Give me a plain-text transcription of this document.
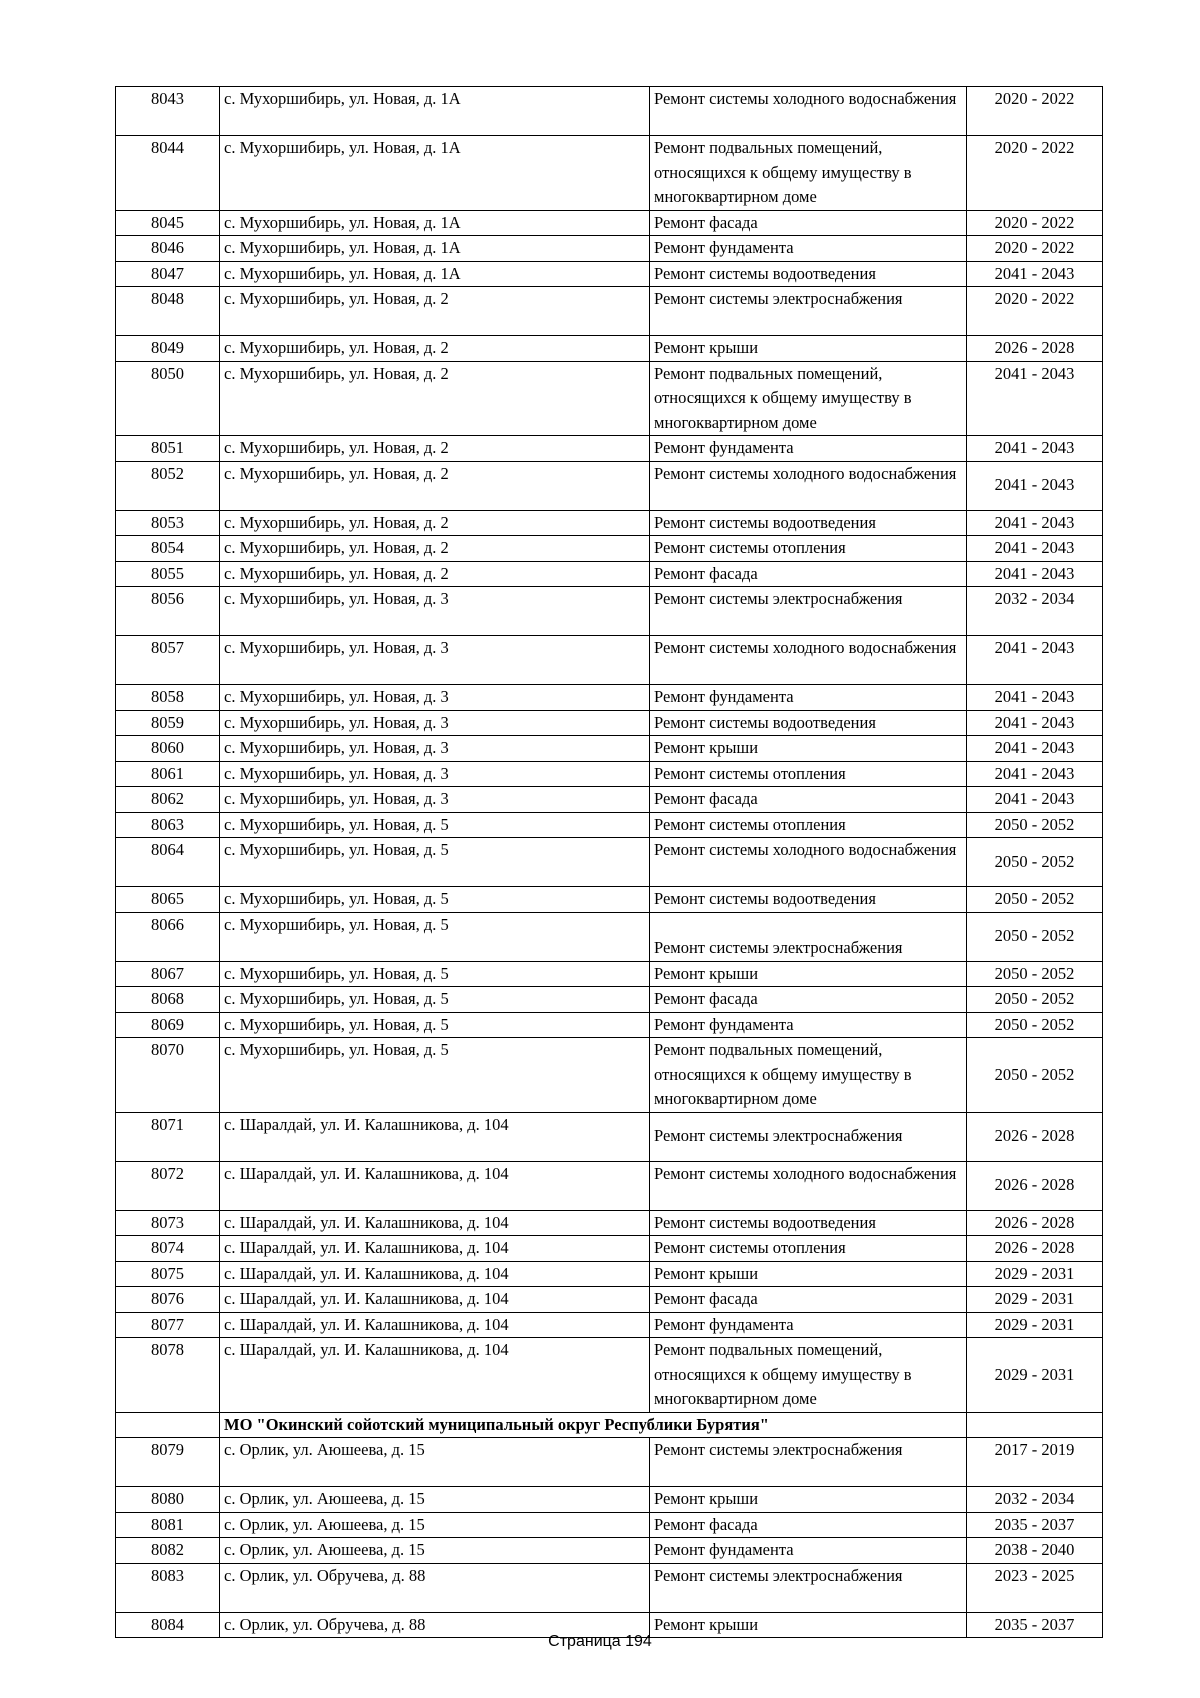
8043	с. Мухоршибирь, ул. Новая, д. 1А	Ремонт системы холодного водоснабжения	2020 - 2022
8044	с. Мухоршибирь, ул. Новая, д. 1А	Ремонт подвальных помещений, относящихся к общему имуществу в многоквартирном доме	2020 - 2022
8045	с. Мухоршибирь, ул. Новая, д. 1А	Ремонт фасада	2020 - 2022
8046	с. Мухоршибирь, ул. Новая, д. 1А	Ремонт фундамента	2020 - 2022
8047	с. Мухоршибирь, ул. Новая, д. 1А	Ремонт системы водоотведения	2041 - 2043
8048	с. Мухоршибирь, ул. Новая, д. 2	Ремонт системы электроснабжения	2020 - 2022
8049	с. Мухоршибирь, ул. Новая, д. 2	Ремонт крыши	2026 - 2028
8050	с. Мухоршибирь, ул. Новая, д. 2	Ремонт подвальных помещений, относящихся к общему имуществу в многоквартирном доме	2041 - 2043
8051	с. Мухоршибирь, ул. Новая, д. 2	Ремонт фундамента	2041 - 2043
8052	с. Мухоршибирь, ул. Новая, д. 2	Ремонт системы холодного водоснабжения	2041 - 2043
8053	с. Мухоршибирь, ул. Новая, д. 2	Ремонт системы водоотведения	2041 - 2043
8054	с. Мухоршибирь, ул. Новая, д. 2	Ремонт системы отопления	2041 - 2043
8055	с. Мухоршибирь, ул. Новая, д. 2	Ремонт фасада	2041 - 2043
8056	с. Мухоршибирь, ул. Новая, д. 3	Ремонт системы электроснабжения	2032 - 2034
8057	с. Мухоршибирь, ул. Новая, д. 3	Ремонт системы холодного водоснабжения	2041 - 2043
8058	с. Мухоршибирь, ул. Новая, д. 3	Ремонт фундамента	2041 - 2043
8059	с. Мухоршибирь, ул. Новая, д. 3	Ремонт системы водоотведения	2041 - 2043
8060	с. Мухоршибирь, ул. Новая, д. 3	Ремонт крыши	2041 - 2043
8061	с. Мухоршибирь, ул. Новая, д. 3	Ремонт системы отопления	2041 - 2043
8062	с. Мухоршибирь, ул. Новая, д. 3	Ремонт фасада	2041 - 2043
8063	с. Мухоршибирь, ул. Новая, д. 5	Ремонт системы отопления	2050 - 2052
8064	с. Мухоршибирь, ул. Новая, д. 5	Ремонт системы холодного водоснабжения	2050 - 2052
8065	с. Мухоршибирь, ул. Новая, д. 5	Ремонт системы водоотведения	2050 - 2052
8066	с. Мухоршибирь, ул. Новая, д. 5	Ремонт системы электроснабжения	2050 - 2052
8067	с. Мухоршибирь, ул. Новая, д. 5	Ремонт крыши	2050 - 2052
8068	с. Мухоршибирь, ул. Новая, д. 5	Ремонт фасада	2050 - 2052
8069	с. Мухоршибирь, ул. Новая, д. 5	Ремонт фундамента	2050 - 2052
8070	с. Мухоршибирь, ул. Новая, д. 5	Ремонт подвальных помещений, относящихся к общему имуществу в многоквартирном доме	2050 - 2052
8071	с. Шаралдай, ул. И. Калашникова, д. 104	Ремонт системы электроснабжения	2026 - 2028
8072	с. Шаралдай, ул. И. Калашникова, д. 104	Ремонт системы холодного водоснабжения	2026 - 2028
8073	с. Шаралдай, ул. И. Калашникова, д. 104	Ремонт системы водоотведения	2026 - 2028
8074	с. Шаралдай, ул. И. Калашникова, д. 104	Ремонт системы отопления	2026 - 2028
8075	с. Шаралдай, ул. И. Калашникова, д. 104	Ремонт крыши	2029 - 2031
8076	с. Шаралдай, ул. И. Калашникова, д. 104	Ремонт фасада	2029 - 2031
8077	с. Шаралдай, ул. И. Калашникова, д. 104	Ремонт фундамента	2029 - 2031
8078	с. Шаралдай, ул. И. Калашникова, д. 104	Ремонт подвальных помещений, относящихся к общему имуществу в многоквартирном доме	2029 - 2031
	МО "Окинский сойотский муниципальный округ Республики Бурятия"		
8079	с. Орлик, ул. Аюшеева, д. 15	Ремонт системы электроснабжения	2017 - 2019
8080	с. Орлик, ул. Аюшеева, д. 15	Ремонт крыши	2032 - 2034
8081	с. Орлик, ул. Аюшеева, д. 15	Ремонт фасада	2035 - 2037
8082	с. Орлик, ул. Аюшеева, д. 15	Ремонт фундамента	2038 - 2040
8083	с. Орлик, ул. Обручева, д. 88	Ремонт системы электроснабжения	2023 - 2025
8084	с. Орлик, ул. Обручева, д. 88	Ремонт крыши	2035 - 2037
Страница 194
